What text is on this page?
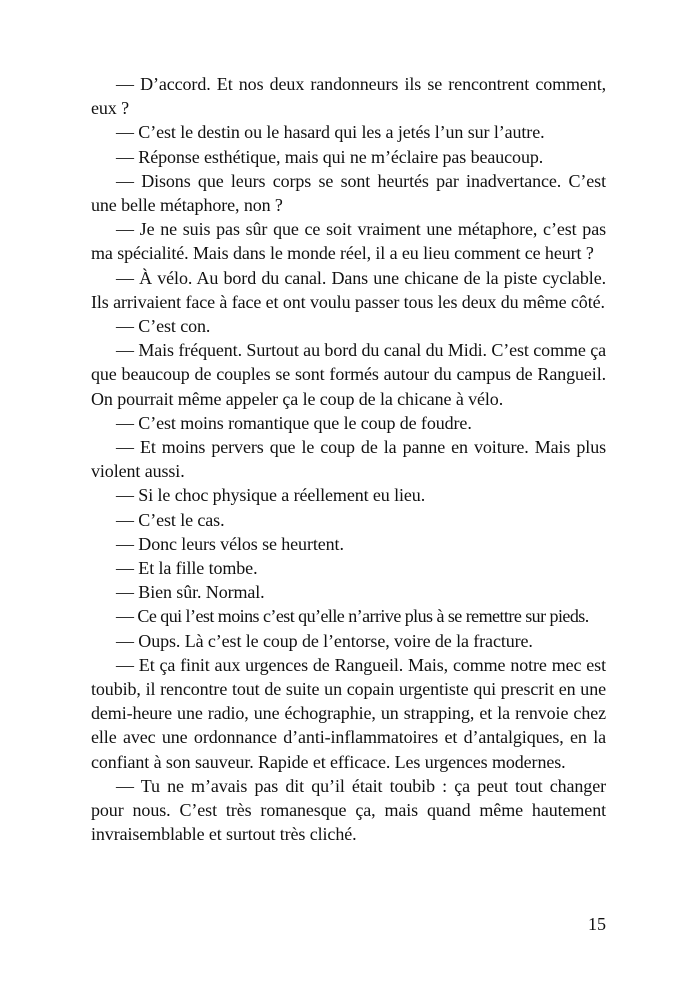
— D’accord. Et nos deux randonneurs ils se rencontrent comment, eux ?

— C’est le destin ou le hasard qui les a jetés l’un sur l’autre.

— Réponse esthétique, mais qui ne m’éclaire pas beaucoup.

— Disons que leurs corps se sont heurtés par inadvertance. C’est une belle métaphore, non ?

— Je ne suis pas sûr que ce soit vraiment une métaphore, c’est pas ma spécialité. Mais dans le monde réel, il a eu lieu comment ce heurt ?

— À vélo. Au bord du canal. Dans une chicane de la piste cyclable. Ils arrivaient face à face et ont voulu passer tous les deux du même côté.

— C’est con.

— Mais fréquent. Surtout au bord du canal du Midi. C’est comme ça que beaucoup de couples se sont formés autour du campus de Rangueil. On pourrait même appeler ça le coup de la chicane à vélo.

— C’est moins romantique que le coup de foudre.

— Et moins pervers que le coup de la panne en voiture. Mais plus violent aussi.

— Si le choc physique a réellement eu lieu.

— C’est le cas.

— Donc leurs vélos se heurtent.

— Et la fille tombe.

— Bien sûr. Normal.

— Ce qui l’est moins c’est qu’elle n’arrive plus à se remettre sur pieds.

— Oups. Là c’est le coup de l’entorse, voire de la fracture.

— Et ça finit aux urgences de Rangueil. Mais, comme notre mec est toubib, il rencontre tout de suite un copain urgentiste qui prescrit en une demi-heure une radio, une échographie, un strapping, et la renvoie chez elle avec une ordonnance d’anti-inflammatoires et d’antalgiques, en la confiant à son sauveur. Rapide et efficace. Les urgences modernes.

— Tu ne m’avais pas dit qu’il était toubib : ça peut tout changer pour nous. C’est très romanesque ça, mais quand même hautement invraisemblable et surtout très cliché.

15
